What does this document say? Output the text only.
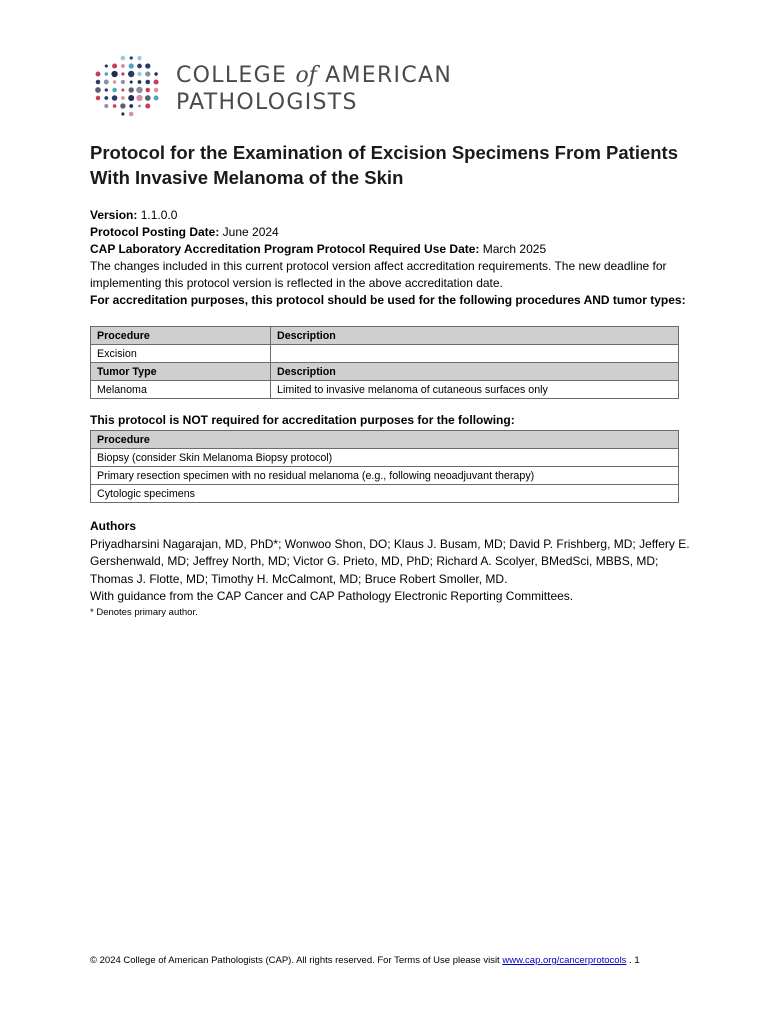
COLLEGE of AMERICAN
PATHOLOGISTS
Protocol for the Examination of Excision Specimens From Patients With Invasive Melanoma of the Skin
Version: 1.1.0.0
Protocol Posting Date: June 2024
CAP Laboratory Accreditation Program Protocol Required Use Date: March 2025
The changes included in this current protocol version affect accreditation requirements. The new deadline for implementing this protocol version is reflected in the above accreditation date.
For accreditation purposes, this protocol should be used for the following procedures AND tumor types:
Procedure	Description
Excision	
Tumor Type	Description
Melanoma	Limited to invasive melanoma of cutaneous surfaces only
This protocol is NOT required for accreditation purposes for the following:
Procedure
Biopsy (consider Skin Melanoma Biopsy protocol)
Primary resection specimen with no residual melanoma (e.g., following neoadjuvant therapy)
Cytologic specimens
Authors
Priyadharsini Nagarajan, MD, PhD*; Wonwoo Shon, DO; Klaus J. Busam, MD; David P. Frishberg, MD; Jeffery E. Gershenwald, MD; Jeffrey North, MD; Victor G. Prieto, MD, PhD; Richard A. Scolyer, BMedSci, MBBS, MD; Thomas J. Flotte, MD; Timothy H. McCalmont, MD; Bruce Robert Smoller, MD.
With guidance from the CAP Cancer and CAP Pathology Electronic Reporting Committees.
* Denotes primary author.
© 2024 College of American Pathologists (CAP). All rights reserved. For Terms of Use please visit www.cap.org/cancerprotocols . 1
